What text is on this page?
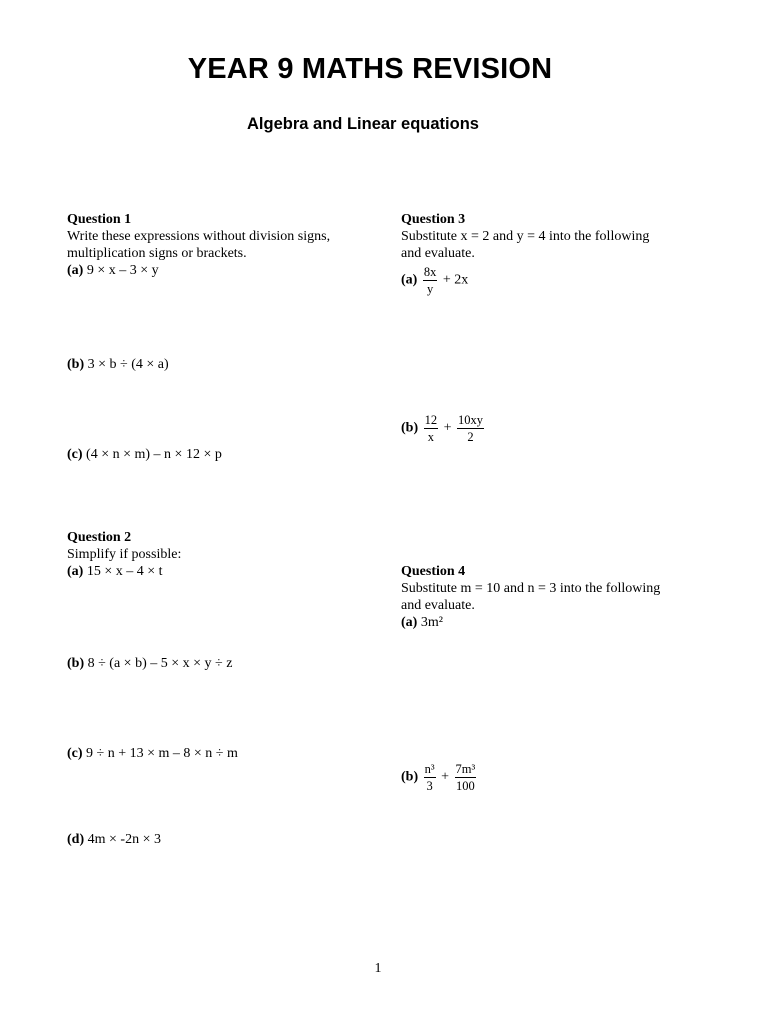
YEAR 9 MATHS REVISION
Algebra and Linear equations
Question 1
Write these expressions without division signs,
multiplication signs or brackets.
(a) 9 × x – 3 × y
(b) 3 × b ÷ (4 × a)
(c) (4 × n × m) – n × 12 × p
Question 2
Simplify if possible:
(a) 15 × x – 4 × t
(b) 8 ÷ (a × b) – 5 × x × y ÷ z
(c) 9 ÷ n + 13 × m – 8 × n ÷ m
(d) 4m × -2n × 3
Question 3
Substitute x = 2 and y = 4 into the following
and evaluate.
$(a) \frac{8x}{y} + 2x$
$(b) \frac{12}{x} + \frac{10xy}{2}$
Question 4
Substitute m = 10 and n = 3 into the following
and evaluate.
(a) 3m²
$(b) \frac{\text{n³}}{3} + \frac{\text{7m³}}{100}$
1
